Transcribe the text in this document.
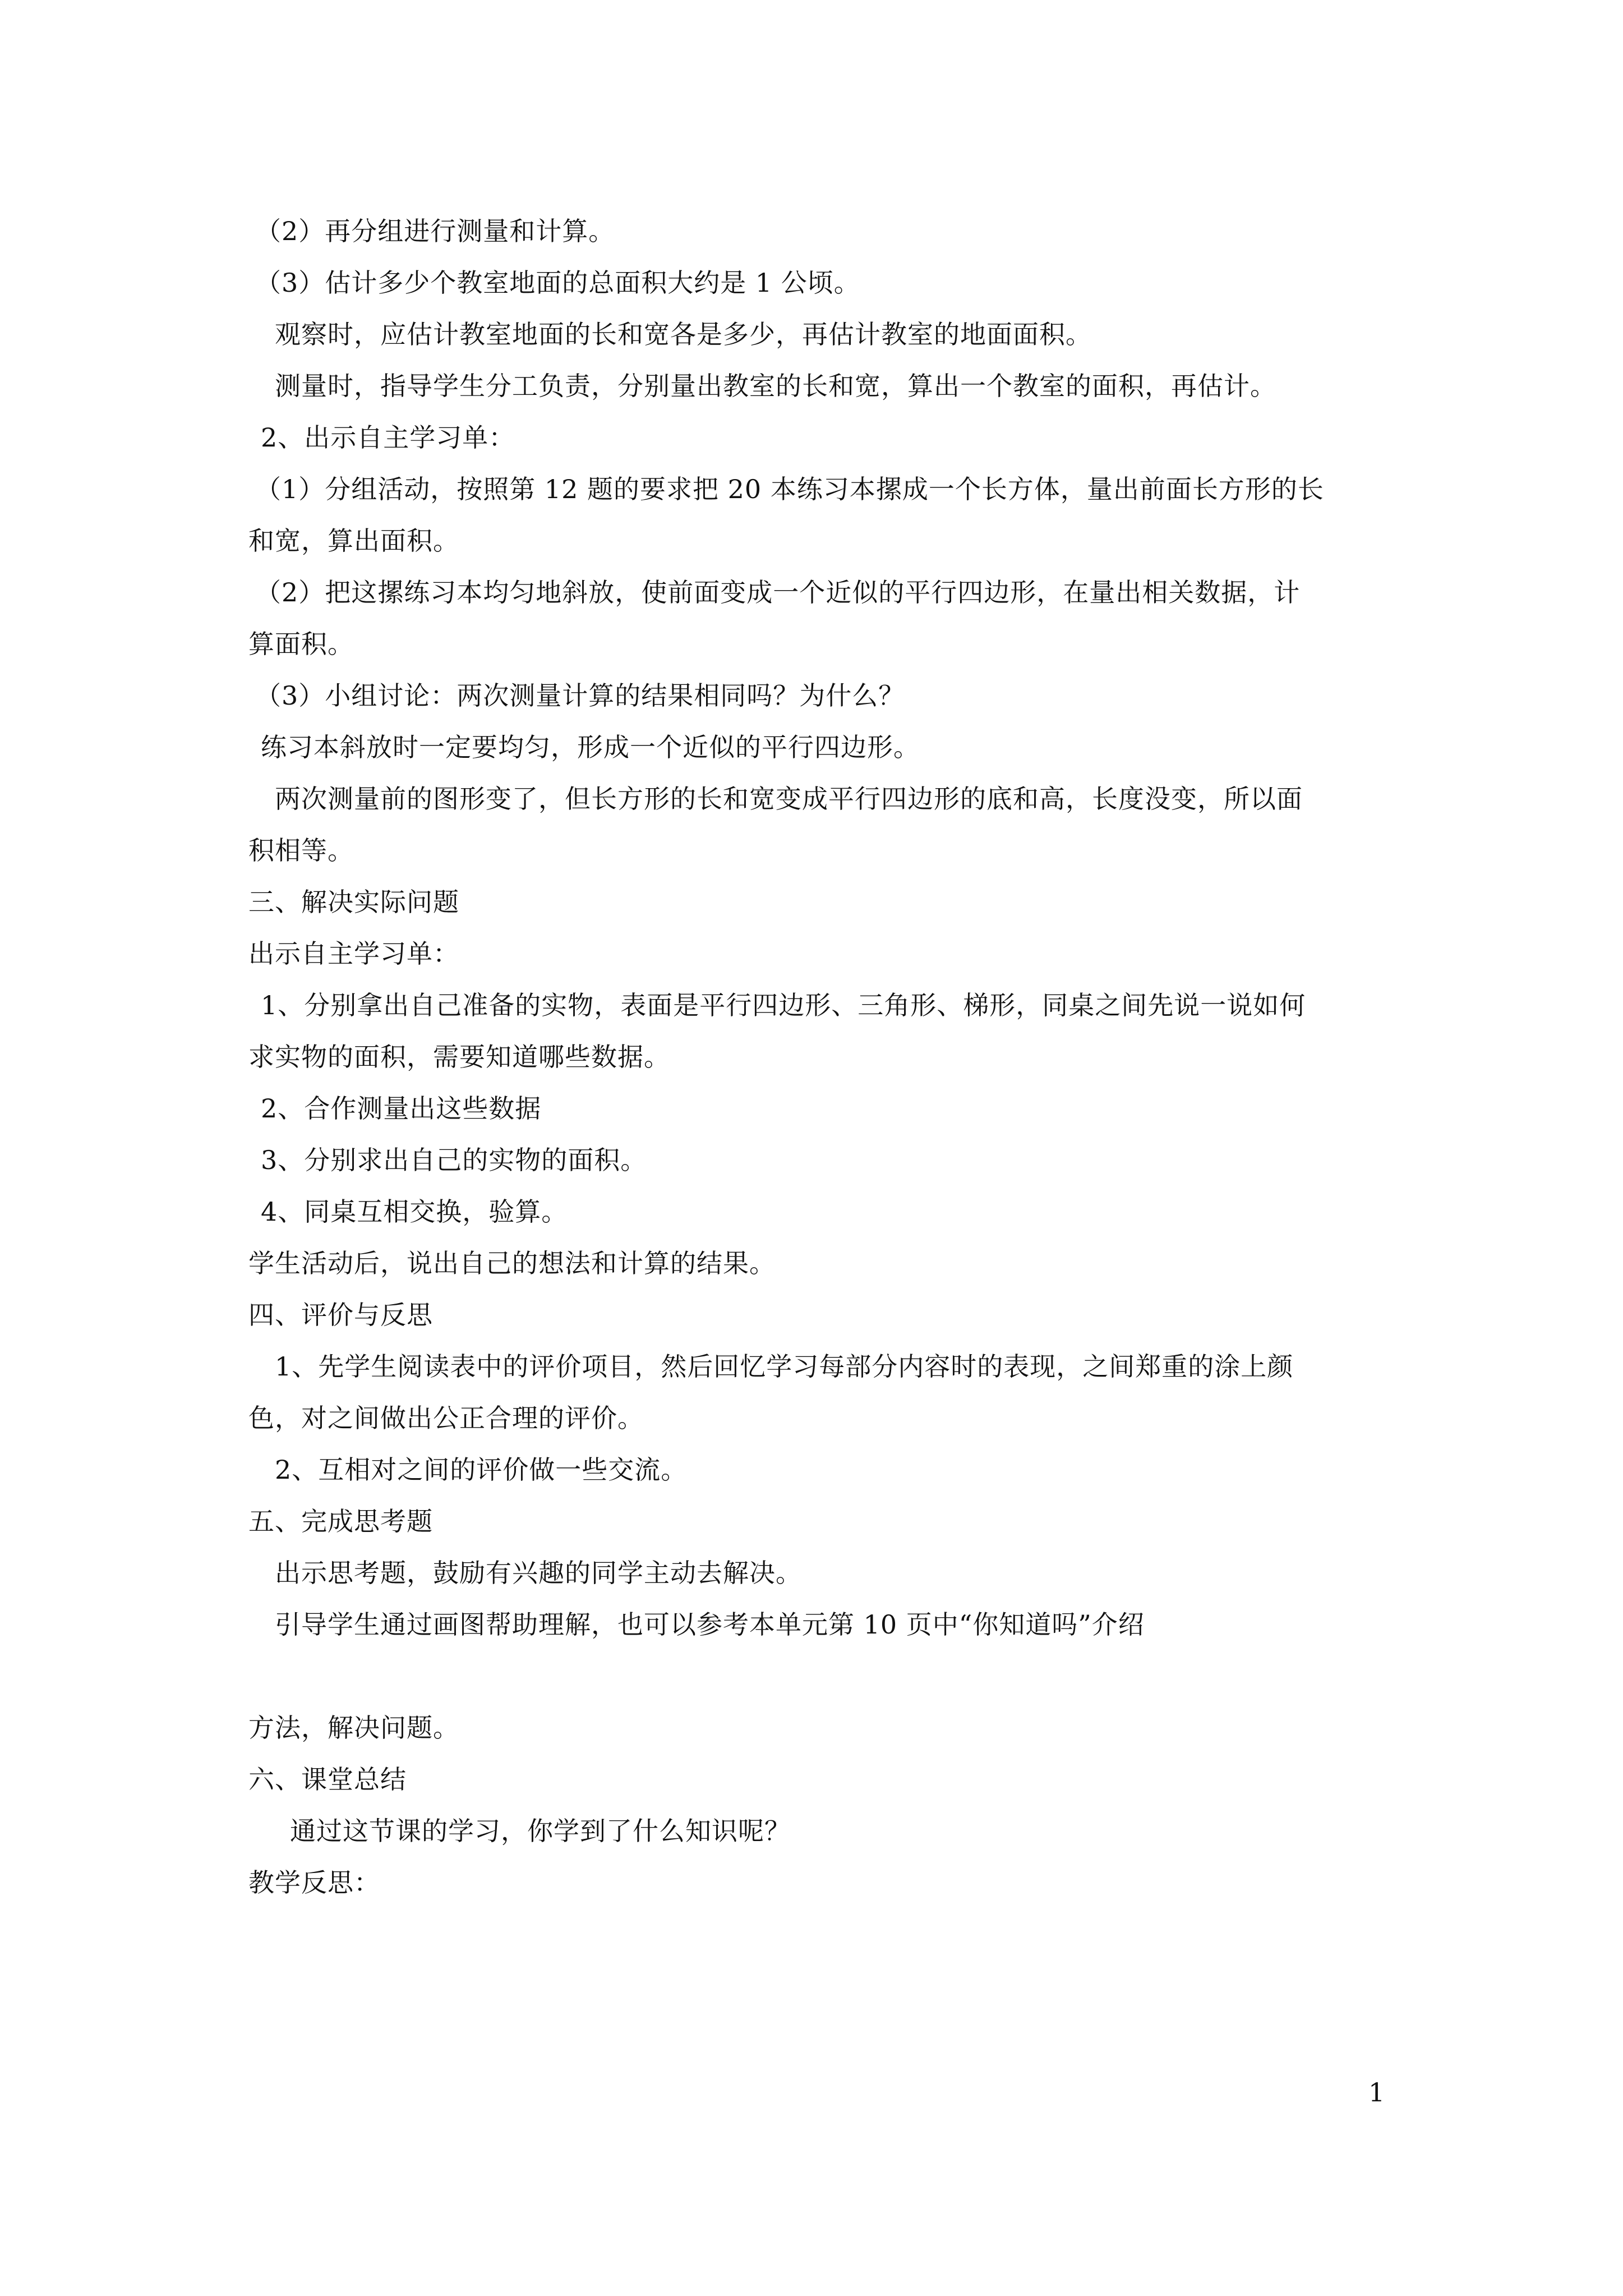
（2）再分组进行测量和计算。
（3）估计多少个教室地面的总面积大约是 1 公顷。
观察时，应估计教室地面的长和宽各是多少，再估计教室的地面面积。
测量时，指导学生分工负责，分别量出教室的长和宽，算出一个教室的面积，再估计。
2、出示自主学习单：
（1）分组活动，按照第 12 题的要求把 20 本练习本摞成一个长方体，量出前面长方形的长
和宽，算出面积。
（2）把这摞练习本均匀地斜放，使前面变成一个近似的平行四边形，在量出相关数据，计
算面积。
（3）小组讨论：两次测量计算的结果相同吗？为什么？
练习本斜放时一定要均匀，形成一个近似的平行四边形。
两次测量前的图形变了，但长方形的长和宽变成平行四边形的底和高，长度没变，所以面
积相等。
三、解决实际问题
出示自主学习单：
1、分别拿出自己准备的实物，表面是平行四边形、三角形、梯形，同桌之间先说一说如何
求实物的面积，需要知道哪些数据。
2、合作测量出这些数据
3、分别求出自己的实物的面积。
4、同桌互相交换，验算。
学生活动后，说出自己的想法和计算的结果。
四、评价与反思
1、先学生阅读表中的评价项目，然后回忆学习每部分内容时的表现，之间郑重的涂上颜
色，对之间做出公正合理的评价。
2、互相对之间的评价做一些交流。
五、完成思考题
出示思考题，鼓励有兴趣的同学主动去解决。
引导学生通过画图帮助理解，也可以参考本单元第 10 页中“你知道吗”介绍
方法，解决问题。
六、课堂总结
通过这节课的学习，你学到了什么知识呢？
教学反思：
1
